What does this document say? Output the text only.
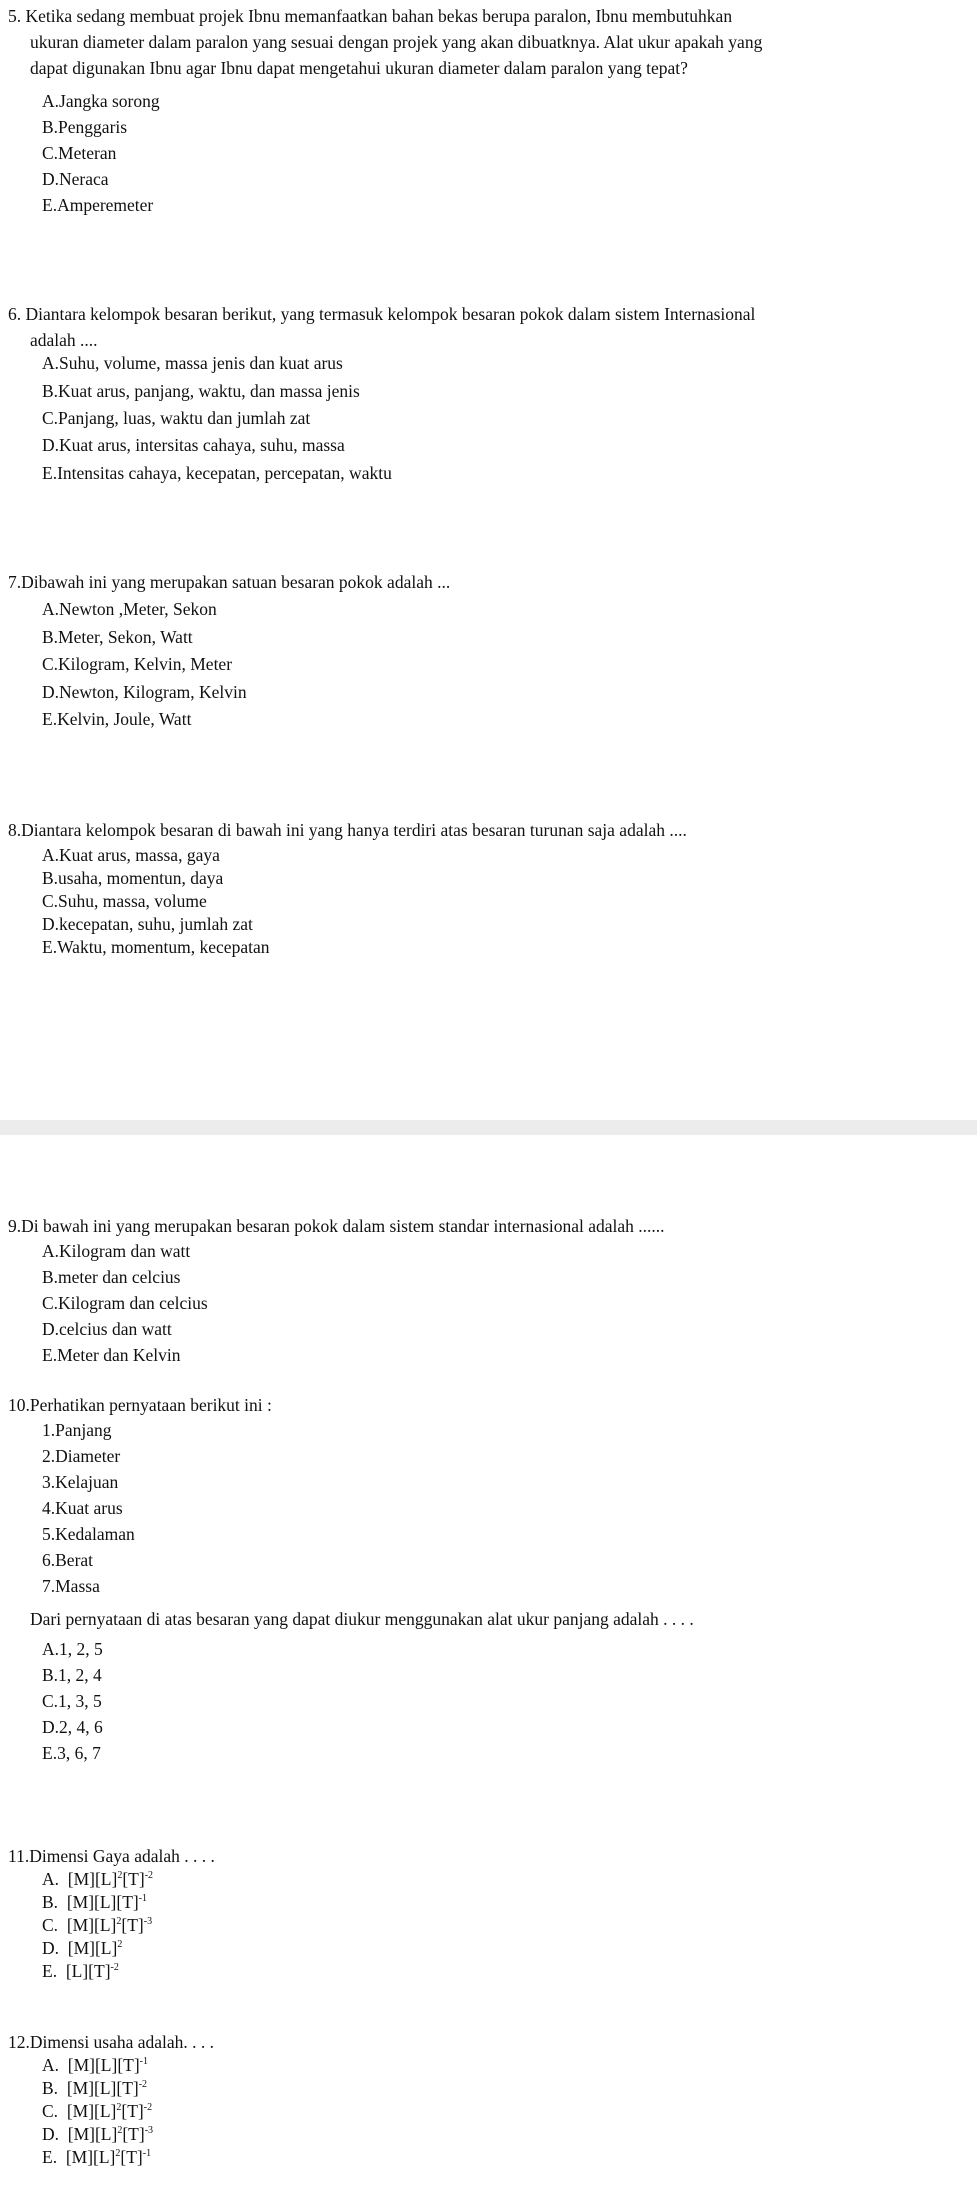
5. Ketika sedang membuat projek Ibnu memanfaatkan bahan bekas berupa paralon, Ibnu membutuhkan
ukuran diameter dalam paralon yang sesuai dengan projek yang akan dibuatknya. Alat ukur apakah yang
dapat digunakan Ibnu agar Ibnu dapat mengetahui ukuran diameter dalam paralon yang tepat?
A.Jangka sorong
B.Penggaris
C.Meteran
D.Neraca
E.Amperemeter
6. Diantara kelompok besaran berikut, yang termasuk kelompok besaran pokok dalam sistem Internasional
adalah ....
A.Suhu, volume, massa jenis dan kuat arus
B.Kuat arus, panjang, waktu, dan massa jenis
C.Panjang, luas, waktu dan jumlah zat
D.Kuat arus, intersitas cahaya, suhu, massa
E.Intensitas cahaya, kecepatan, percepatan, waktu
7.Dibawah ini yang merupakan satuan besaran pokok adalah ...
A.Newton ,Meter, Sekon
B.Meter, Sekon, Watt
C.Kilogram, Kelvin, Meter
D.Newton, Kilogram, Kelvin
E.Kelvin, Joule, Watt
8.Diantara kelompok besaran di bawah ini yang hanya terdiri atas besaran turunan saja adalah ....
A.Kuat arus, massa, gaya
B.usaha, momentun, daya
C.Suhu, massa, volume
D.kecepatan, suhu, jumlah zat
E.Waktu, momentum, kecepatan
9.Di bawah ini yang merupakan besaran pokok dalam sistem standar internasional adalah ......
A.Kilogram dan watt
B.meter dan celcius
C.Kilogram dan celcius
D.celcius dan watt
E.Meter dan Kelvin
10.Perhatikan pernyataan berikut ini :
1.Panjang
2.Diameter
3.Kelajuan
4.Kuat arus
5.Kedalaman
6.Berat
7.Massa
Dari pernyataan di atas besaran yang dapat diukur menggunakan alat ukur panjang adalah . . . .
A.1, 2, 5
B.1, 2, 4
C.1, 3, 5
D.2, 4, 6
E.3, 6, 7
11.Dimensi Gaya adalah . . . .
A. $[M][L]^2[T]^{-2}$
B. $[M][L][T]^{-1}$
C. $[M][L]^2[T]^{-3}$
D. $[M][L]^2$
E. $[L][T]^{-2}$
12.Dimensi usaha adalah. . . .
A. $[M][L][T]^{-1}$
B. $[M][L][T]^{-2}$
C. $[M][L]^2[T]^{-2}$
D. $[M][L]^2[T]^{-3}$
E. $[M][L]^2[T]^{-1}$
